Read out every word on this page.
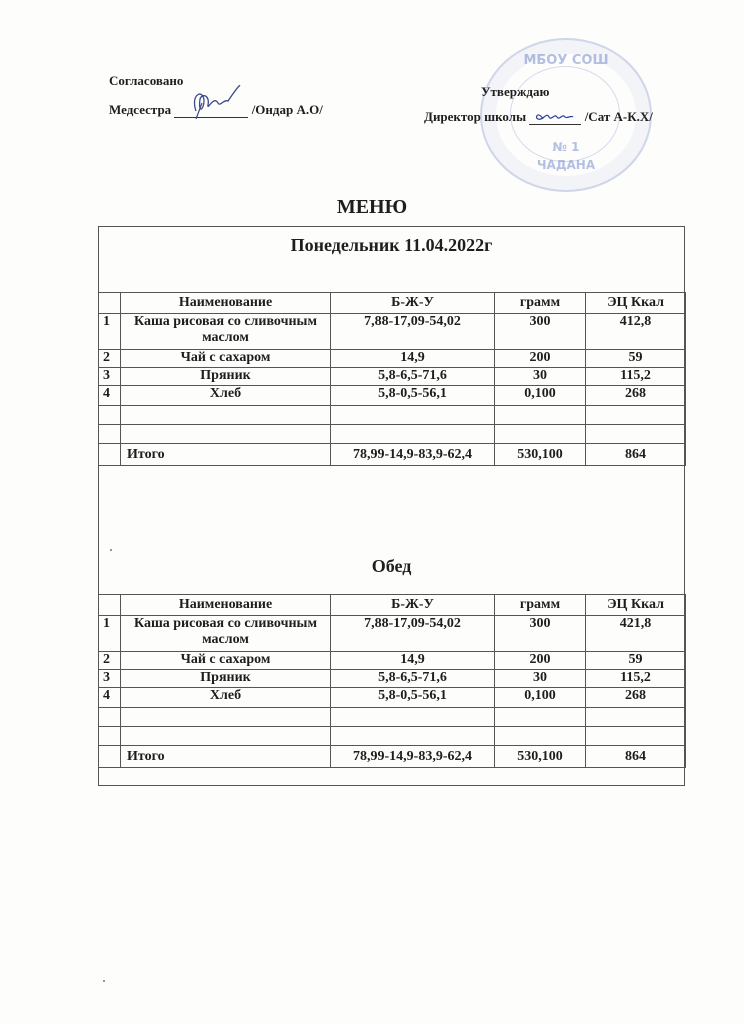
МБОУ СОШ
№ 1
ЧАДАНА
Согласовано
Медсестра	/Ондар А.О/
Утверждаю
Директор школы	/Сат А-К.Х/
МЕНЮ
Понедельник 11.04.2022г
	Наименование	Б-Ж-У	грамм	ЭЦ Ккал
1	Каша рисовая со сливочным маслом	7,88-17,09-54,02	300	412,8
2	Чай с сахаром	14,9	200	59
3	Пряник	5,8-6,5-71,6	30	115,2
4	Хлеб	5,8-0,5-56,1	0,100	268

	Итого	78,99-14,9-83,9-62,4	530,100	864
Обед
	Наименование	Б-Ж-У	грамм	ЭЦ Ккал
1	Каша рисовая со сливочным маслом	7,88-17,09-54,02	300	421,8
2	Чай с сахаром	14,9	200	59
3	Пряник	5,8-6,5-71,6	30	115,2
4	Хлеб	5,8-0,5-56,1	0,100	268

	Итого	78,99-14,9-83,9-62,4	530,100	864
